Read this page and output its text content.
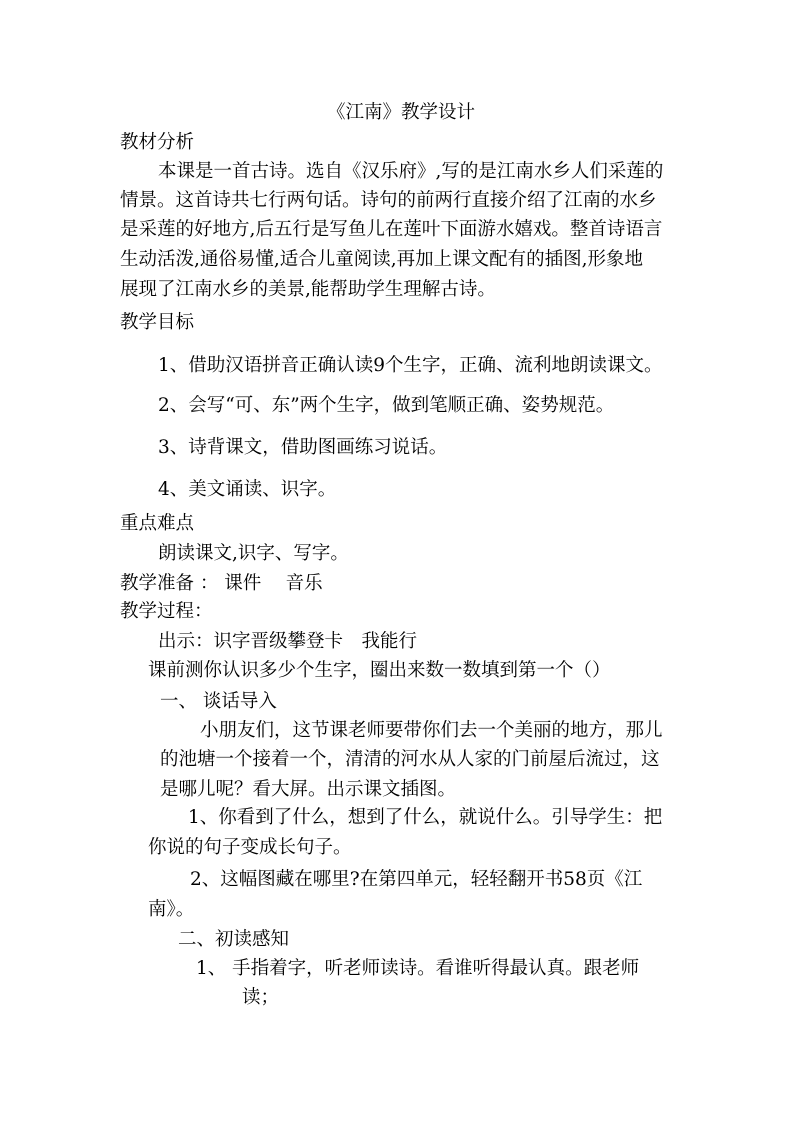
《江南》教学设计
教材分析
本课是一首古诗。选自《汉乐府》,写的是江南水乡人们采莲的
情景。这首诗共七行两句话。诗句的前两行直接介绍了江南的水乡
是采莲的好地方,后五行是写鱼儿在莲叶下面游水嬉戏。整首诗语言
生动活泼,通俗易懂,适合儿童阅读,再加上课文配有的插图,形象地
展现了江南水乡的美景,能帮助学生理解古诗。
教学目标
1、借助汉语拼音正确认读9个生字，正确、流利地朗读课文。
2、会写“可、东”两个生字，做到笔顺正确、姿势规范。
3、诗背课文，借助图画练习说话。
4、美文诵读、识字。
重点难点
朗读课文,识字、写字。
教学准备 ： 课件　 音乐
教学过程：
出示：识字晋级攀登卡　我能行
课前测你认识多少个生字，圈出来数一数填到第一个（）
一、 谈话导入
小朋友们，这节课老师要带你们去一个美丽的地方，那儿
的池塘一个接着一个，清清的河水从人家的门前屋后流过，这
是哪儿呢？看大屏。出示课文插图。
1、你看到了什么，想到了什么，就说什么。引导学生：把
你说的句子变成长句子。
2、这幅图藏在哪里?在第四单元，轻轻翻开书58页《江
南》。
二、初读感知
1、 手指着字，听老师读诗。看谁听得最认真。跟老师
读；
